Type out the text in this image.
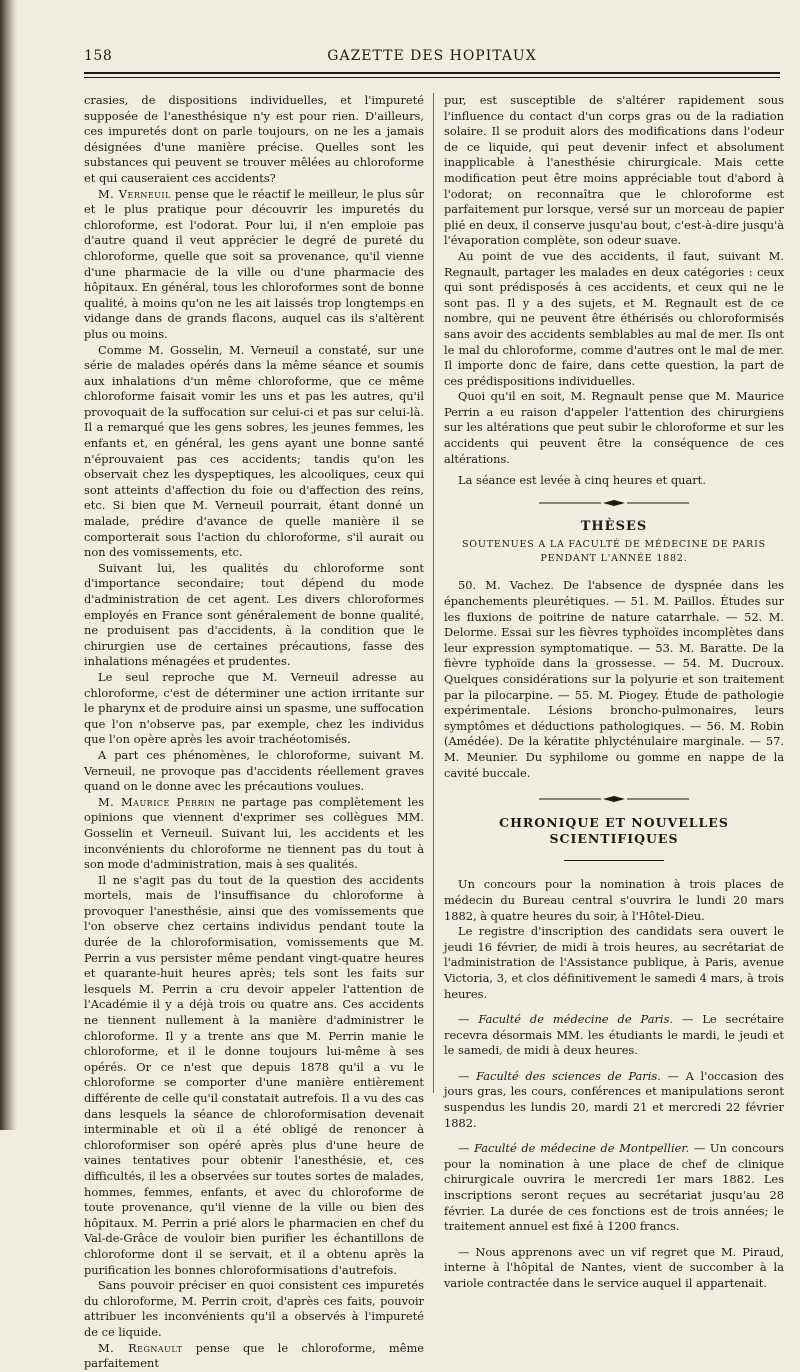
158	GAZETTE DES HOPITAUX

crasies, de dispositions individuelles, et l'impureté supposée de l'anesthésique n'y est pour rien. D'ailleurs, ces impuretés dont on parle toujours, on ne les a jamais désignées d'une manière précise. Quelles sont les substances qui peuvent se trouver mêlées au chloroforme et qui causeraient ces accidents?

M. Verneuil pense que le réactif le meilleur, le plus sûr et le plus pratique pour découvrir les impuretés du chloroforme, est l'odorat. Pour lui, il n'en emploie pas d'autre quand il veut apprécier le degré de pureté du chloroforme, quelle que soit sa provenance, qu'il vienne d'une pharmacie de la ville ou d'une pharmacie des hôpitaux. En général, tous les chloroformes sont de bonne qualité, à moins qu'on ne les ait laissés trop longtemps en vidange dans de grands flacons, auquel cas ils s'altèrent plus ou moins.

Comme M. Gosselin, M. Verneuil a constaté, sur une série de malades opérés dans la même séance et soumis aux inhalations d'un même chloroforme, que ce même chloroforme faisait vomir les uns et pas les autres, qu'il provoquait de la suffocation sur celui-ci et pas sur celui-là. Il a remarqué que les gens sobres, les jeunes femmes, les enfants et, en général, les gens ayant une bonne santé n'éprouvaient pas ces accidents; tandis qu'on les observait chez les dyspeptiques, les alcooliques, ceux qui sont atteints d'affection du foie ou d'affection des reins, etc. Si bien que M. Verneuil pourrait, étant donné un malade, prédire d'avance de quelle manière il se comporterait sous l'action du chloroforme, s'il aurait ou non des vomissements, etc.

Suivant lui, les qualités du chloroforme sont d'importance secondaire; tout dépend du mode d'administration de cet agent. Les divers chloroformes employés en France sont généralement de bonne qualité, ne produisent pas d'accidents, à la condition que le chirurgien use de certaines précautions, fasse des inhalations ménagées et prudentes.

Le seul reproche que M. Verneuil adresse au chloroforme, c'est de déterminer une action irritante sur le pharynx et de produire ainsi un spasme, une suffocation que l'on n'observe pas, par exemple, chez les individus que l'on opère après les avoir trachéotomisés.

A part ces phénomènes, le chloroforme, suivant M. Verneuil, ne provoque pas d'accidents réellement graves quand on le donne avec les précautions voulues.

M. Maurice Perrin ne partage pas complètement les opinions que viennent d'exprimer ses collègues MM. Gosselin et Verneuil. Suivant lui, les accidents et les inconvénients du chloroforme ne tiennent pas du tout à son mode d'administration, mais à ses qualités.

Il ne s'agit pas du tout de la question des accidents mortels, mais de l'insuffisance du chloroforme à provoquer l'anesthésie, ainsi que des vomissements que l'on observe chez certains individus pendant toute la durée de la chloroformisation, vomissements que M. Perrin a vus persister même pendant vingt-quatre heures et quarante-huit heures après; tels sont les faits sur lesquels M. Perrin a cru devoir appeler l'attention de l'Académie il y a déjà trois ou quatre ans. Ces accidents ne tiennent nullement à la manière d'administrer le chloroforme. Il y a trente ans que M. Perrin manie le chloroforme, et il le donne toujours lui-même à ses opérés. Or ce n'est que depuis 1878 qu'il a vu le chloroforme se comporter d'une manière entièrement différente de celle qu'il constatait autrefois. Il a vu des cas dans lesquels la séance de chloroformisation devenait interminable et où il a été obligé de renoncer à chloroformiser son opéré après plus d'une heure de vaines tentatives pour obtenir l'anesthésie, et, ces difficultés, il les a observées sur toutes sortes de malades, hommes, femmes, enfants, et avec du chloroforme de toute provenance, qu'il vienne de la ville ou bien des hôpitaux. M. Perrin a prié alors le pharmacien en chef du Val-de-Grâce de vouloir bien purifier les échantillons de chloroforme dont il se servait, et il a obtenu après la purification les bonnes chloroformisations d'autrefois.

Sans pouvoir préciser en quoi consistent ces impuretés du chloroforme, M. Perrin croit, d'après ces faits, pouvoir attribuer les inconvénients qu'il a observés à l'impureté de ce liquide.

M. Regnault pense que le chloroforme, même parfaitement

pur, est susceptible de s'altérer rapidement sous l'influence du contact d'un corps gras ou de la radiation solaire. Il se produit alors des modifications dans l'odeur de ce liquide, qui peut devenir infect et absolument inapplicable à l'anesthésie chirurgicale. Mais cette modification peut être moins appréciable tout d'abord à l'odorat; on reconnaîtra que le chloroforme est parfaitement pur lorsque, versé sur un morceau de papier plié en deux, il conserve jusqu'au bout, c'est-à-dire jusqu'à l'évaporation complète, son odeur suave.

Au point de vue des accidents, il faut, suivant M. Regnault, partager les malades en deux catégories : ceux qui sont prédisposés à ces accidents, et ceux qui ne le sont pas. Il y a des sujets, et M. Regnault est de ce nombre, qui ne peuvent être éthérisés ou chloroformisés sans avoir des accidents semblables au mal de mer. Ils ont le mal du chloroforme, comme d'autres ont le mal de mer. Il importe donc de faire, dans cette question, la part de ces prédispositions individuelles.

Quoi qu'il en soit, M. Regnault pense que M. Maurice Perrin a eu raison d'appeler l'attention des chirurgiens sur les altérations que peut subir le chloroforme et sur les accidents qui peuvent être la conséquence de ces altérations.

La séance est levée à cinq heures et quart.

THÈSES
SOUTENUES A LA FACULTÉ DE MÉDECINE DE PARIS
PENDANT L'ANNÉE 1882.

50. M. Vachez. De l'absence de dyspnée dans les épanchements pleurétiques. — 51. M. Paillos. Études sur les fluxions de poitrine de nature catarrhale. — 52. M. Delorme. Essai sur les fièvres typhoïdes incomplètes dans leur expression symptomatique. — 53. M. Baratte. De la fièvre typhoïde dans la grossesse. — 54. M. Ducroux. Quelques considérations sur la polyurie et son traitement par la pilocarpine. — 55. M. Piogey. Étude de pathologie expérimentale. Lésions broncho-pulmonaires, leurs symptômes et déductions pathologiques. — 56. M. Robin (Amédée). De la kératite phlycténulaire marginale. — 57. M. Meunier. Du syphilome ou gomme en nappe de la cavité buccale.

CHRONIQUE ET NOUVELLES SCIENTIFIQUES

Un concours pour la nomination à trois places de médecin du Bureau central s'ouvrira le lundi 20 mars 1882, à quatre heures du soir, à l'Hôtel-Dieu.

Le registre d'inscription des candidats sera ouvert le jeudi 16 février, de midi à trois heures, au secrétariat de l'administration de l'Assistance publique, à Paris, avenue Victoria, 3, et clos définitivement le samedi 4 mars, à trois heures.

— Faculté de médecine de Paris. — Le secrétaire recevra désormais MM. les étudiants le mardi, le jeudi et le samedi, de midi à deux heures.

— Faculté des sciences de Paris. — A l'occasion des jours gras, les cours, conférences et manipulations seront suspendus les lundis 20, mardi 21 et mercredi 22 février 1882.

— Faculté de médecine de Montpellier. — Un concours pour la nomination à une place de chef de clinique chirurgicale ouvrira le mercredi 1er mars 1882. Les inscriptions seront reçues au secrétariat jusqu'au 28 février. La durée de ces fonctions est de trois années; le traitement annuel est fixé à 1200 francs.

— Nous apprenons avec un vif regret que M. Piraud, interne à l'hôpital de Nantes, vient de succomber à la variole contractée dans le service auquel il appartenait.
